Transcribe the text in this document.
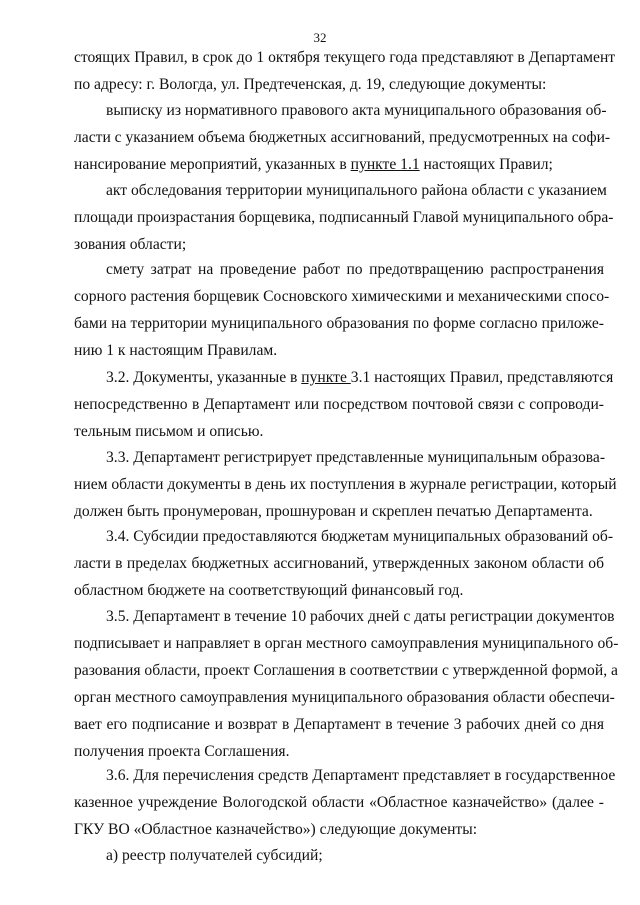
32
стоящих Правил, в срок до 1 октября текущего года представляют в Департамент
по адресу: г. Вологда, ул. Предтеченская, д. 19, следующие документы:
выписку из нормативного правового акта муниципального образования об-
ласти с указанием объема бюджетных ассигнований, предусмотренных на софи-
нансирование мероприятий, указанных в пункте 1.1 настоящих Правил;
акт обследования территории муниципального района области с указанием
площади произрастания борщевика, подписанный Главой муниципального обра-
зования области;
смету затрат на проведение работ по предотвращению распространения
сорного растения борщевик Сосновского химическими и механическими спосо-
бами на территории муниципального образования по форме согласно приложе-
нию 1 к настоящим Правилам.
3.2. Документы, указанные в пункте 3.1 настоящих Правил, представляются
непосредственно в Департамент или посредством почтовой связи с сопроводи-
тельным письмом и описью.
3.3. Департамент регистрирует представленные муниципальным образова-
нием области документы в день их поступления в журнале регистрации, который
должен быть пронумерован, прошнурован и скреплен печатью Департамента.
3.4. Субсидии предоставляются бюджетам муниципальных образований об-
ласти в пределах бюджетных ассигнований, утвержденных законом области об
областном бюджете на соответствующий финансовый год.
3.5. Департамент в течение 10 рабочих дней с даты регистрации документов
подписывает и направляет в орган местного самоуправления муниципального об-
разования области, проект Соглашения в соответствии с утвержденной формой, а
орган местного самоуправления муниципального образования области обеспечи-
вает его подписание и возврат в Департамент в течение 3 рабочих дней со дня
получения проекта Соглашения.
3.6. Для перечисления средств Департамент представляет в государственное
казенное учреждение Вологодской области «Областное казначейство» (далее -
ГКУ ВО «Областное казначейство») следующие документы:
а) реестр получателей субсидий;
